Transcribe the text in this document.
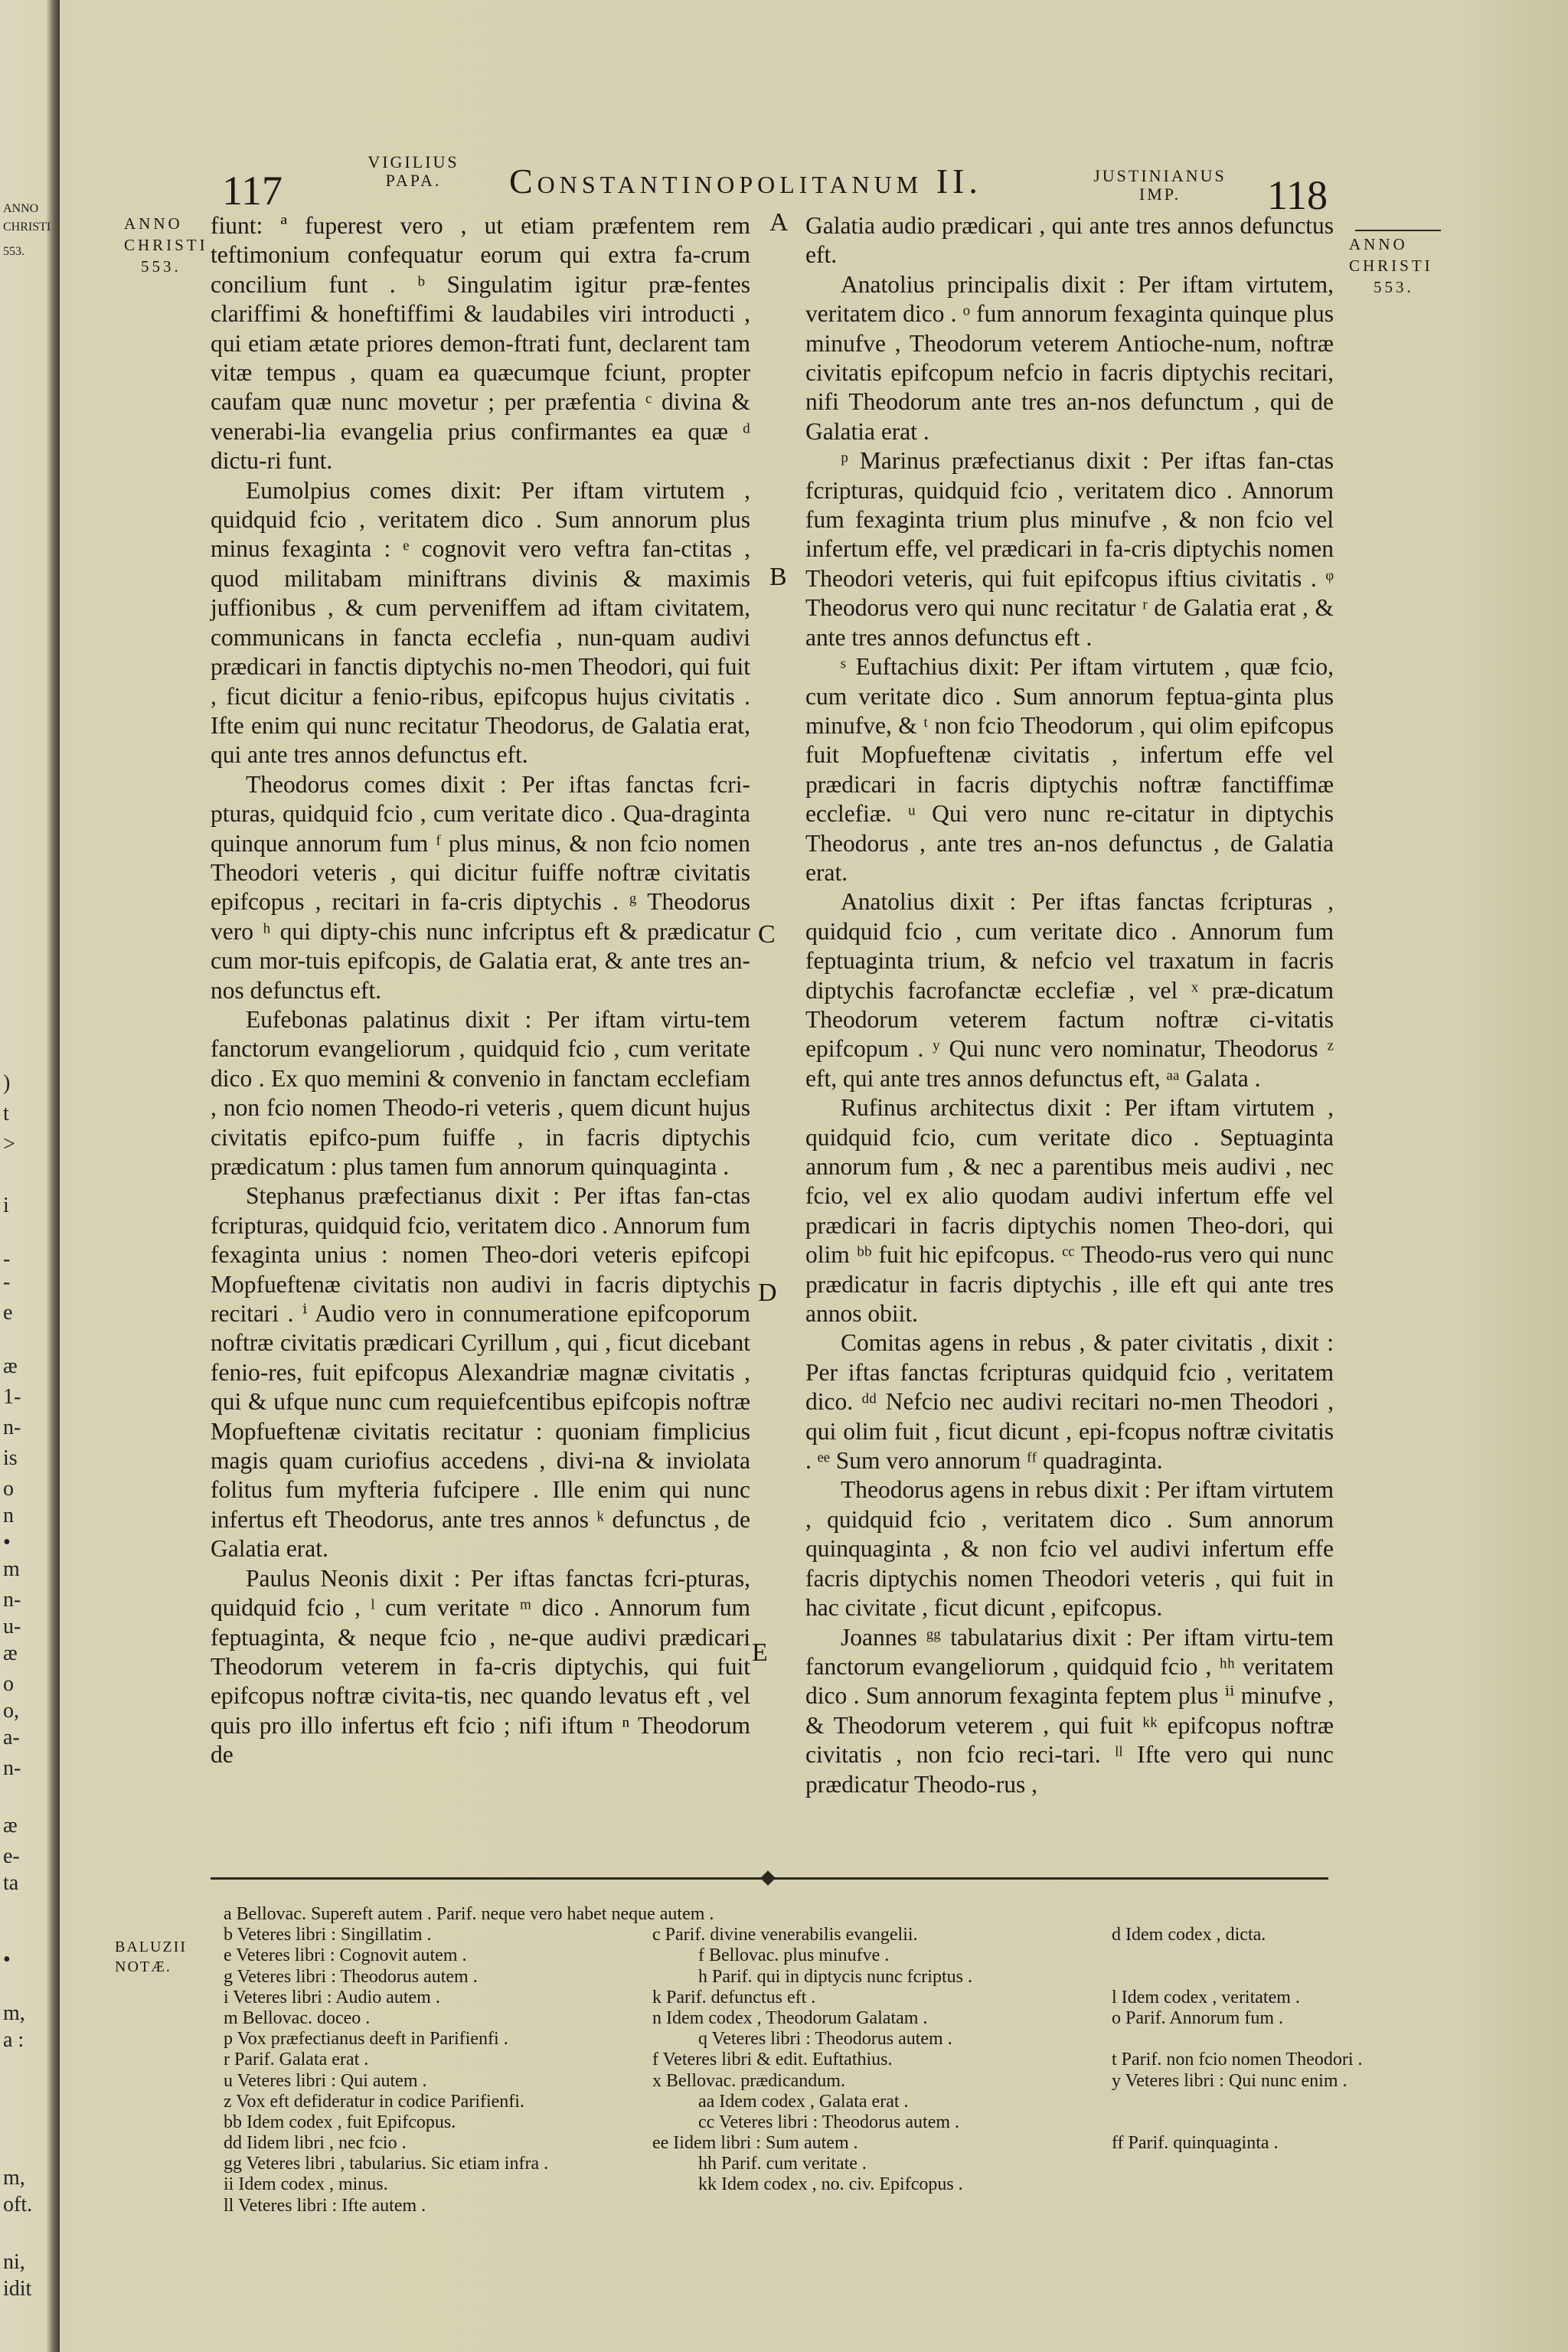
117
VIGILIUS
PAPA.	Constantinopolitanum II.	JUSTINIANUS
IMP.	118
ANNO
CHRISTI
553.
ANNO
CHRISTI
553.
A
B
C
D
E

fiunt: ª fuperest vero , ut etiam præfentem rem teftimonium confequatur eorum qui extra fa-crum concilium funt . ᵇ Singulatim igitur præ-fentes clariffimi & honeftiffimi & laudabiles viri introducti , qui etiam ætate priores demon-ftrati funt, declarent tam vitæ tempus , quam ea quæcumque fciunt, propter caufam quæ nunc movetur ; per præfentia ᶜ divina & venerabi-lia evangelia prius confirmantes ea quæ ᵈ dictu-ri funt.

Eumolpius comes dixit: Per iftam virtutem , quidquid fcio , veritatem dico . Sum annorum plus minus fexaginta : ᵉ cognovit vero veftra fan-ctitas , quod militabam miniftrans divinis & maximis juffionibus , & cum perveniffem ad iftam civitatem, communicans in fancta ecclefia , nun-quam audivi prædicari in fanctis diptychis no-men Theodori, qui fuit , ficut dicitur a fenio-ribus, epifcopus hujus civitatis . Ifte enim qui nunc recitatur Theodorus, de Galatia erat, qui ante tres annos defunctus eft.

Theodorus comes dixit : Per iftas fanctas fcri-pturas, quidquid fcio , cum veritate dico . Qua-draginta quinque annorum fum ᶠ plus minus, & non fcio nomen Theodori veteris , qui dicitur fuiffe noftræ civitatis epifcopus , recitari in fa-cris diptychis . ᵍ Theodorus vero ʰ qui dipty-chis nunc infcriptus eft & prædicatur cum mor-tuis epifcopis, de Galatia erat, & ante tres an-nos defunctus eft.

Eufebonas palatinus dixit : Per iftam virtu-tem fanctorum evangeliorum , quidquid fcio , cum veritate dico . Ex quo memini & convenio in fanctam ecclefiam , non fcio nomen Theodo-ri veteris , quem dicunt hujus civitatis epifco-pum fuiffe , in facris diptychis prædicatum : plus tamen fum annorum quinquaginta .

Stephanus præfectianus dixit : Per iftas fan-ctas fcripturas, quidquid fcio, veritatem dico . Annorum fum fexaginta unius : nomen Theo-dori veteris epifcopi Mopfueftenæ civitatis non audivi in facris diptychis recitari . ⁱ Audio vero in connumeratione epifcoporum noftræ civitatis prædicari Cyrillum , qui , ficut dicebant fenio-res, fuit epifcopus Alexandriæ magnæ civitatis , qui & ufque nunc cum requiefcentibus epifcopis noftræ Mopfueftenæ civitatis recitatur : quoniam fimplicius magis quam curiofius accedens , divi-na & inviolata folitus fum myfteria fufcipere . Ille enim qui nunc infertus eft Theodorus, ante tres annos ᵏ defunctus , de Galatia erat.

Paulus Neonis dixit : Per iftas fanctas fcri-pturas, quidquid fcio , ˡ cum veritate ᵐ dico . Annorum fum feptuaginta, & neque fcio , ne-que audivi prædicari Theodorum veterem in fa-cris diptychis, qui fuit epifcopus noftræ civita-tis, nec quando levatus eft , vel quis pro illo infertus eft fcio ; nifi iftum ⁿ Theodorum de

Galatia audio prædicari , qui ante tres annos defunctus eft.

Anatolius principalis dixit : Per iftam virtutem, veritatem dico . ᵒ fum annorum fexaginta quinque plus minufve , Theodorum veterem Antioche-num, noftræ civitatis epifcopum nefcio in facris diptychis recitari, nifi Theodorum ante tres an-nos defunctum , qui de Galatia erat .

ᵖ Marinus præfectianus dixit : Per iftas fan-ctas fcripturas, quidquid fcio , veritatem dico . Annorum fum fexaginta trium plus minufve , & non fcio vel infertum effe, vel prædicari in fa-cris diptychis nomen Theodori veteris, qui fuit epifcopus iftius civitatis . ᵠ Theodorus vero qui nunc recitatur ʳ de Galatia erat , & ante tres annos defunctus eft .

ˢ Euftachius dixit: Per iftam virtutem , quæ fcio, cum veritate dico . Sum annorum feptua-ginta plus minufve, & ᵗ non fcio Theodorum , qui olim epifcopus fuit Mopfueftenæ civitatis , infertum effe vel prædicari in facris diptychis noftræ fanctiffimæ ecclefiæ. ᵘ Qui vero nunc re-citatur in diptychis Theodorus , ante tres an-nos defunctus , de Galatia erat.

Anatolius dixit : Per iftas fanctas fcripturas , quidquid fcio , cum veritate dico . Annorum fum feptuaginta trium, & nefcio vel traxatum in facris diptychis facrofanctæ ecclefiæ , vel ˣ præ-dicatum Theodorum veterem factum noftræ ci-vitatis epifcopum . ʸ Qui nunc vero nominatur, Theodorus ᶻ eft, qui ante tres annos defunctus eft, ᵃᵃ Galata .

Rufinus architectus dixit : Per iftam virtutem , quidquid fcio, cum veritate dico . Septuaginta annorum fum , & nec a parentibus meis audivi , nec fcio, vel ex alio quodam audivi infertum effe vel prædicari in facris diptychis nomen Theo-dori, qui olim ᵇᵇ fuit hic epifcopus. ᶜᶜ Theodo-rus vero qui nunc prædicatur in facris diptychis , ille eft qui ante tres annos obiit.

Comitas agens in rebus , & pater civitatis , dixit : Per iftas fanctas fcripturas quidquid fcio , veritatem dico. ᵈᵈ Nefcio nec audivi recitari no-men Theodori , qui olim fuit , ficut dicunt , epi-fcopus noftræ civitatis . ᵉᵉ Sum vero annorum ᶠᶠ quadraginta.

Theodorus agens in rebus dixit : Per iftam virtutem , quidquid fcio , veritatem dico . Sum annorum quinquaginta , & non fcio vel audivi infertum effe facris diptychis nomen Theodori veteris , qui fuit in hac civitate , ficut dicunt , epifcopus.

Joannes ᵍᵍ tabulatarius dixit : Per iftam virtu-tem fanctorum evangeliorum , quidquid fcio , ʰʰ veritatem dico . Sum annorum fexaginta feptem plus ⁱⁱ minufve , & Theodorum veterem , qui fuit ᵏᵏ epifcopus noftræ civitatis , non fcio reci-tari. ˡˡ Ifte vero qui nunc prædicatur Theodo-rus ,

BALUZII
NOTÆ.
a Bellovac. Supereft autem . Parif. neque vero habet neque autem .
b Veteres libri : Singillatim .	c Parif. divine venerabilis evangelii.	d Idem codex , dicta.
e Veteres libri : Cognovit autem .	f Bellovac. plus minufve .
g Veteres libri : Theodorus autem .	h Parif. qui in diptycis nunc fcriptus .
i Veteres libri : Audio autem .	k Parif. defunctus eft .	l Idem codex , veritatem .
m Bellovac. doceo .	n Idem codex , Theodorum Galatam .	o Parif. Annorum fum .
p Vox præfectianus deeft in Parifienfi .	q Veteres libri : Theodorus autem .
r Parif. Galata erat .	f Veteres libri & edit. Euftathius.	t Parif. non fcio nomen Theodori .
u Veteres libri : Qui autem .	x Bellovac. prædicandum.	y Veteres libri : Qui nunc enim .
z Vox eft defideratur in codice Parifienfi.	aa Idem codex , Galata erat .
bb Idem codex , fuit Epifcopus.	cc Veteres libri : Theodorus autem .
dd Iidem libri , nec fcio .	ee Iidem libri : Sum autem .	ff Parif. quinquaginta .
gg Veteres libri , tabularius. Sic etiam infra .	hh Parif. cum veritate .
ii Idem codex , minus.	kk Idem codex , no. civ. Epifcopus .
ll Veteres libri : Ifte autem .
ANNO
CHRISTI
553.
)
t
>
i
-
-
e
æ
1-
n-
is
o
n
•
m
n-
u-
æ
o
o,
a-
n-
æ
e-
ta
•
m,
a :
m,
oft.
ni,
idit
